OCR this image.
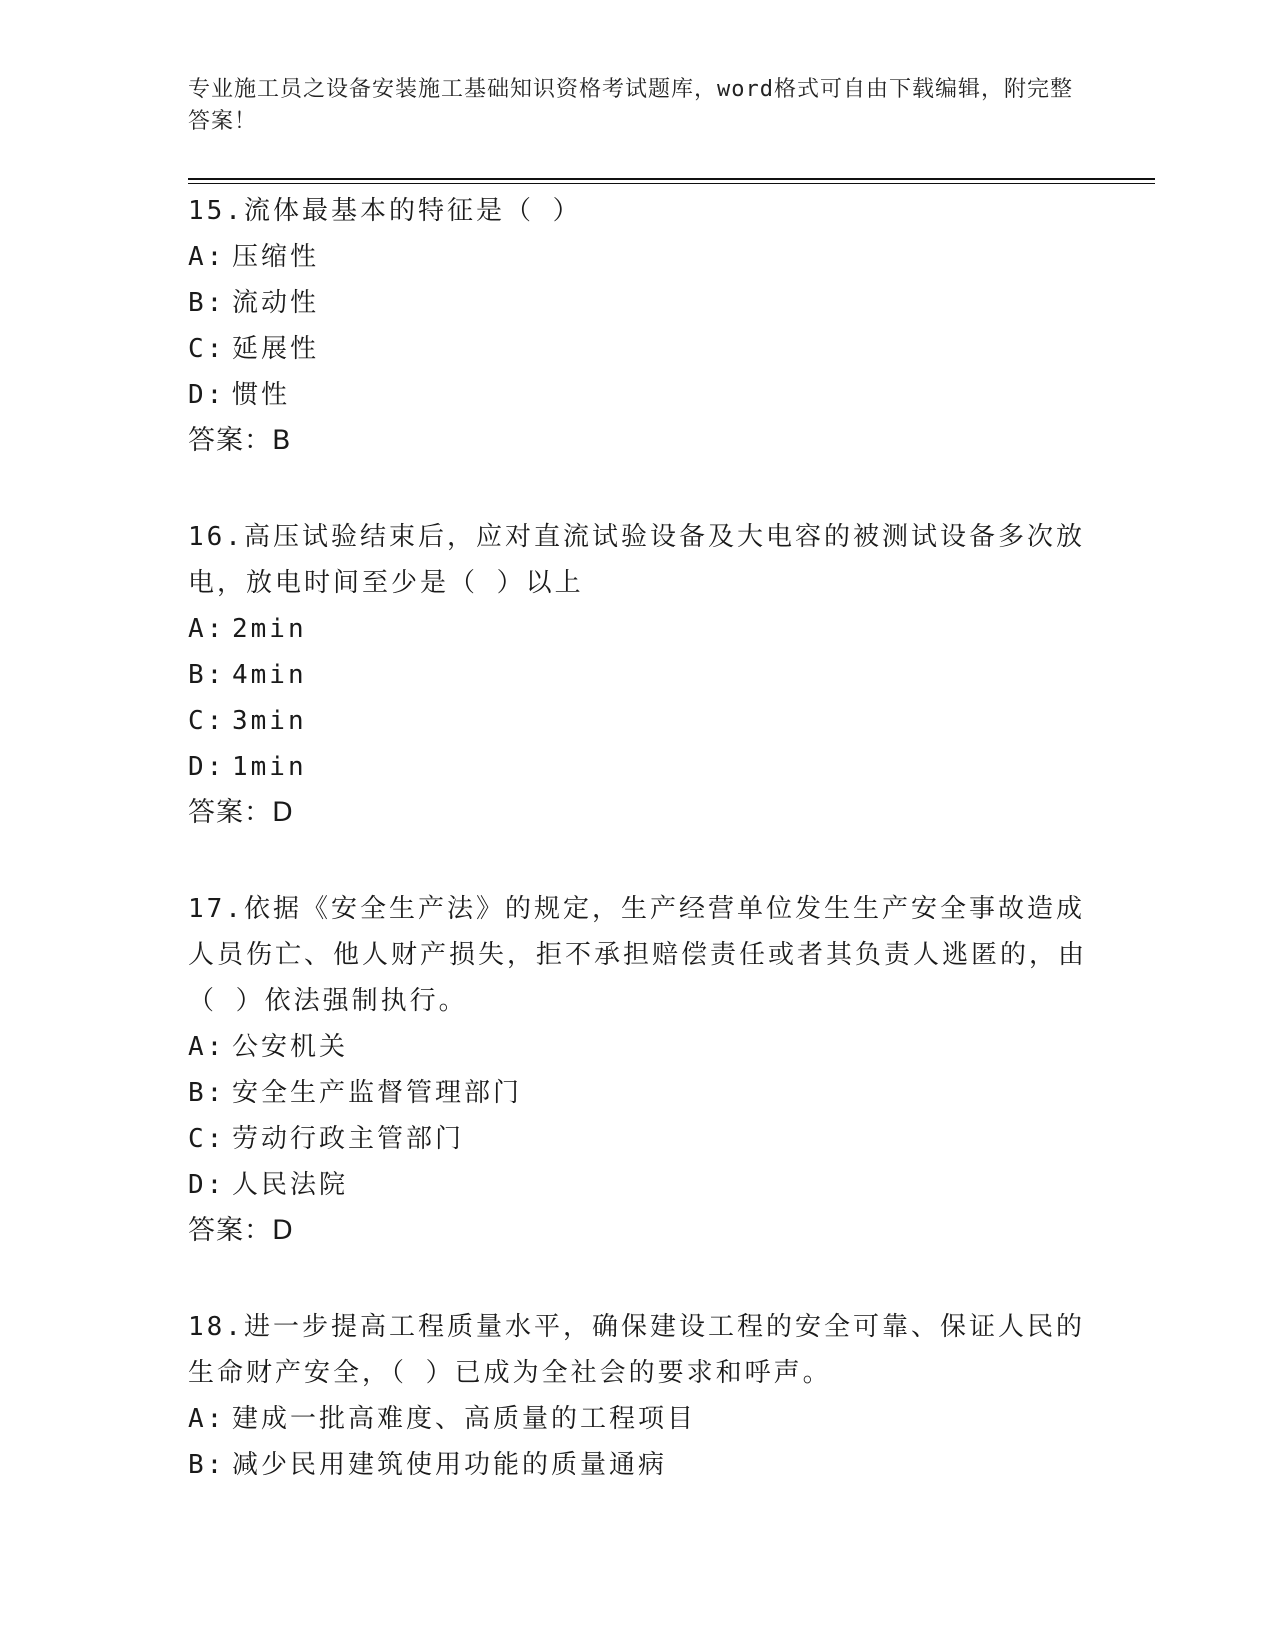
专业施工员之设备安装施工基础知识资格考试题库，word格式可自由下载编辑，附完整答案！

15.流体最基本的特征是（ ）

A: 压缩性

B: 流动性

C: 延展性

D: 惯性

答案：B

16.高压试验结束后，应对直流试验设备及大电容的被测试设备多次放电，放电时间至少是（ ）以上

A: 2min

B: 4min

C: 3min

D: 1min

答案：D

17.依据《安全生产法》的规定，生产经营单位发生生产安全事故造成人员伤亡、他人财产损失，拒不承担赔偿责任或者其负责人逃匿的，由（ ）依法强制执行。

A: 公安机关

B: 安全生产监督管理部门

C: 劳动行政主管部门

D: 人民法院

答案：D

18.进一步提高工程质量水平，确保建设工程的安全可靠、保证人民的生命财产安全，（ ）已成为全社会的要求和呼声。

A: 建成一批高难度、高质量的工程项目

B: 减少民用建筑使用功能的质量通病
